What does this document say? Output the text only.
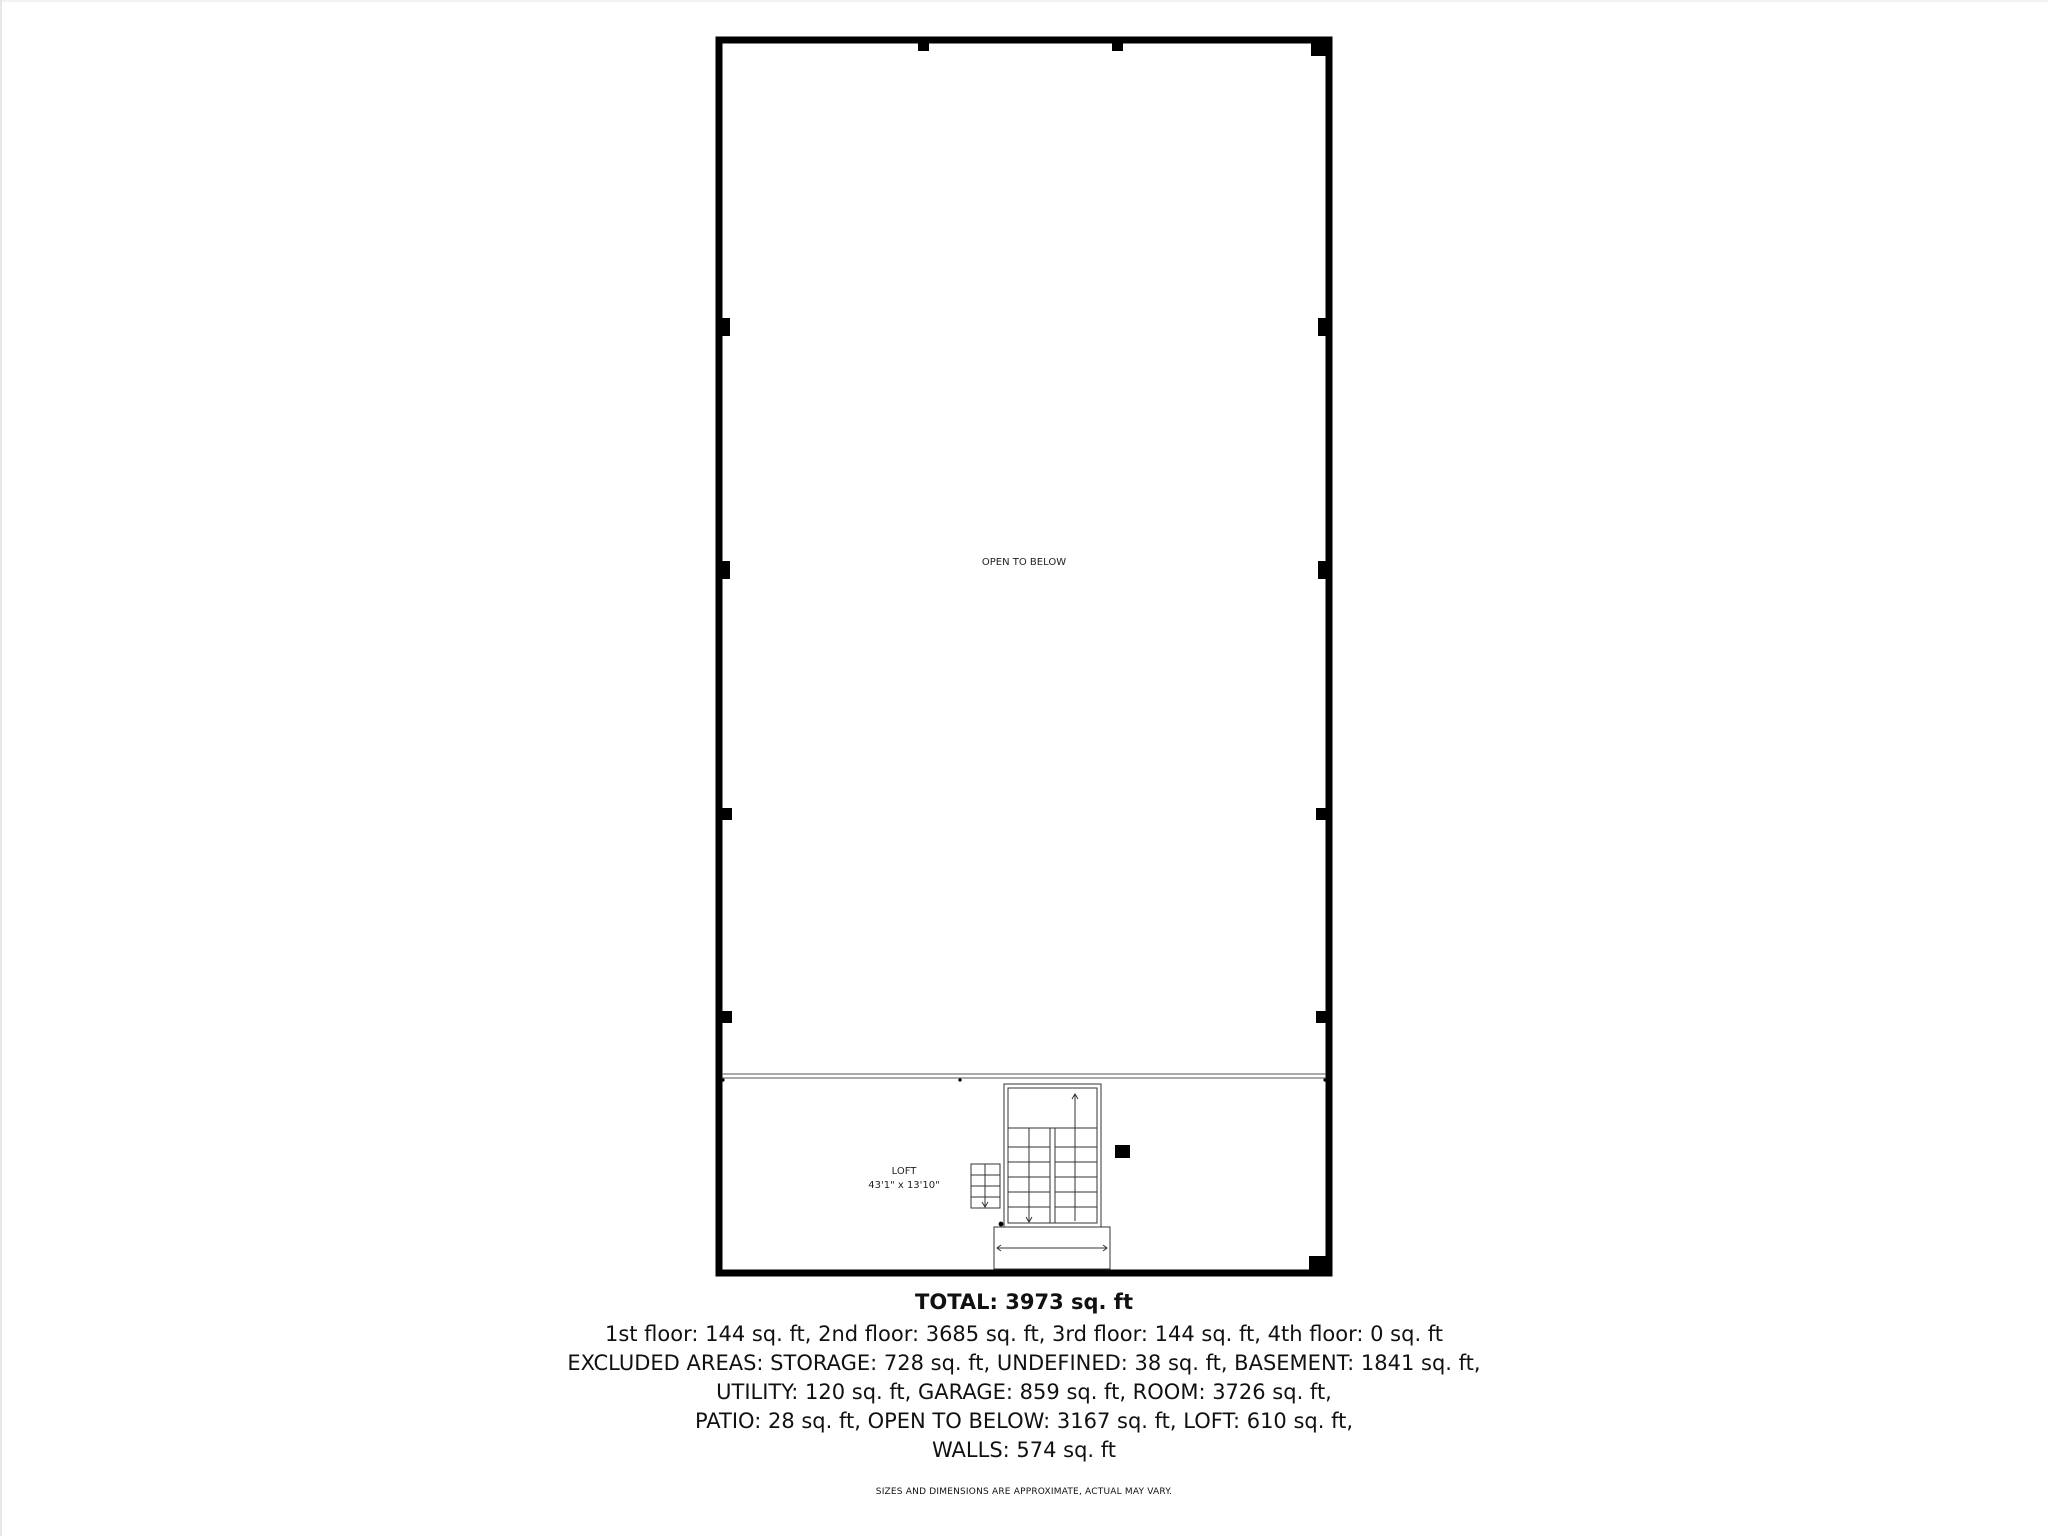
OPEN TO BELOW
LOFT
43'1" x 13'10"
TOTAL: 3973 sq. ft
1st floor: 144 sq. ft, 2nd floor: 3685 sq. ft, 3rd floor: 144 sq. ft, 4th floor: 0 sq. ft
EXCLUDED AREAS: STORAGE: 728 sq. ft, UNDEFINED: 38 sq. ft, BASEMENT: 1841 sq. ft,
UTILITY: 120 sq. ft, GARAGE: 859 sq. ft, ROOM: 3726 sq. ft,
PATIO: 28 sq. ft, OPEN TO BELOW: 3167 sq. ft, LOFT: 610 sq. ft,
WALLS: 574 sq. ft
SIZES AND DIMENSIONS ARE APPROXIMATE, ACTUAL MAY VARY.
